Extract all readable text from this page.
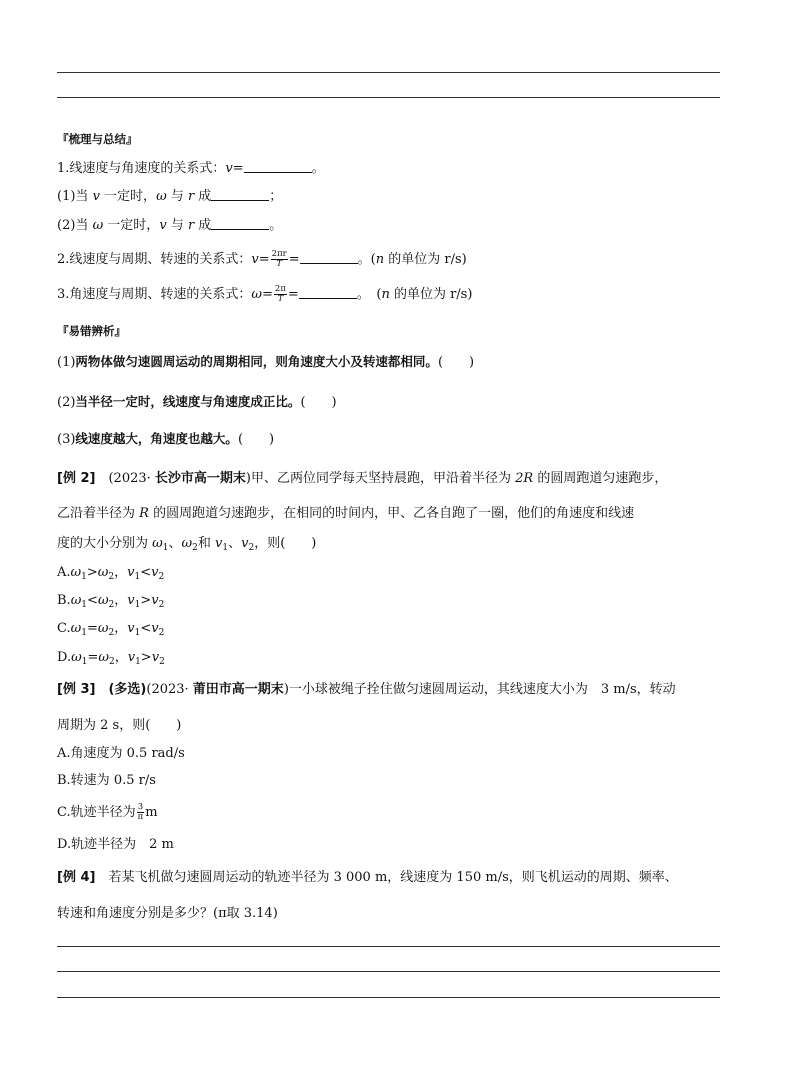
『梳理与总结』
1.线速度与角速度的关系式：v=	。
(1)当 v 一定时，ω 与 r 成	；
(2)当 ω 一定时，v 与 r 成	。
2.线速度与周期、转速的关系式：$v= \frac{2\pi r}{T}$ =	。(n 的单位为 r/s)
3.角速度与周期、转速的关系式：$\omega= \frac{2\pi}{T}$ =	。　 (n 的单位为 r/s)
『易错辨析』
(1)两物体做匀速圆周运动的周期相同，则角速度大小及转速都相同。(　　)
(2)当半径一定时，线速度与角速度成正比。(　　)
(3)线速度越大，角速度也越大。(　　)
[例 2]　 (2023· 长沙市高一期末)甲、乙两位同学每天坚持晨跑，甲沿着半径为 2R 的圆周跑道匀速跑步，
乙沿着半径为 R 的圆周跑道匀速跑步，在相同的时间内，甲、乙各自跑了一圈，他们的角速度和线速
度的大小分别为 $\omega_1$、$\omega_2$和 $v_1$、$v_2$，则(　　)
$A.\omega_1>\omega_2$，$v_1<v_2$
$B.\omega_1<\omega_2$，$v_1>v_2$
$C.\omega_1=\omega_2$，$v_1<v_2$
$D.\omega_1=\omega_2$，$v_1>v_2$
[例 3]　 (多选)(2023· 莆田市高一期末)一小球被绳子拴住做匀速圆周运动，其线速度大小为　3 m/s，转动
周期为 2 s，则(　　)
A.角速度为 0.5 rad/s
B.转速为 0.5 r/s
C.轨迹半径为 $\frac{3}{\pi}$ m
D.轨迹半径为　2 m
[例 4]　 若某飞机做匀速圆周运动的轨迹半径为 3 000 m，线速度为 150 m/s，则飞机运动的周期、频率、
转速和角速度分别是多少？(π取 3.14)
